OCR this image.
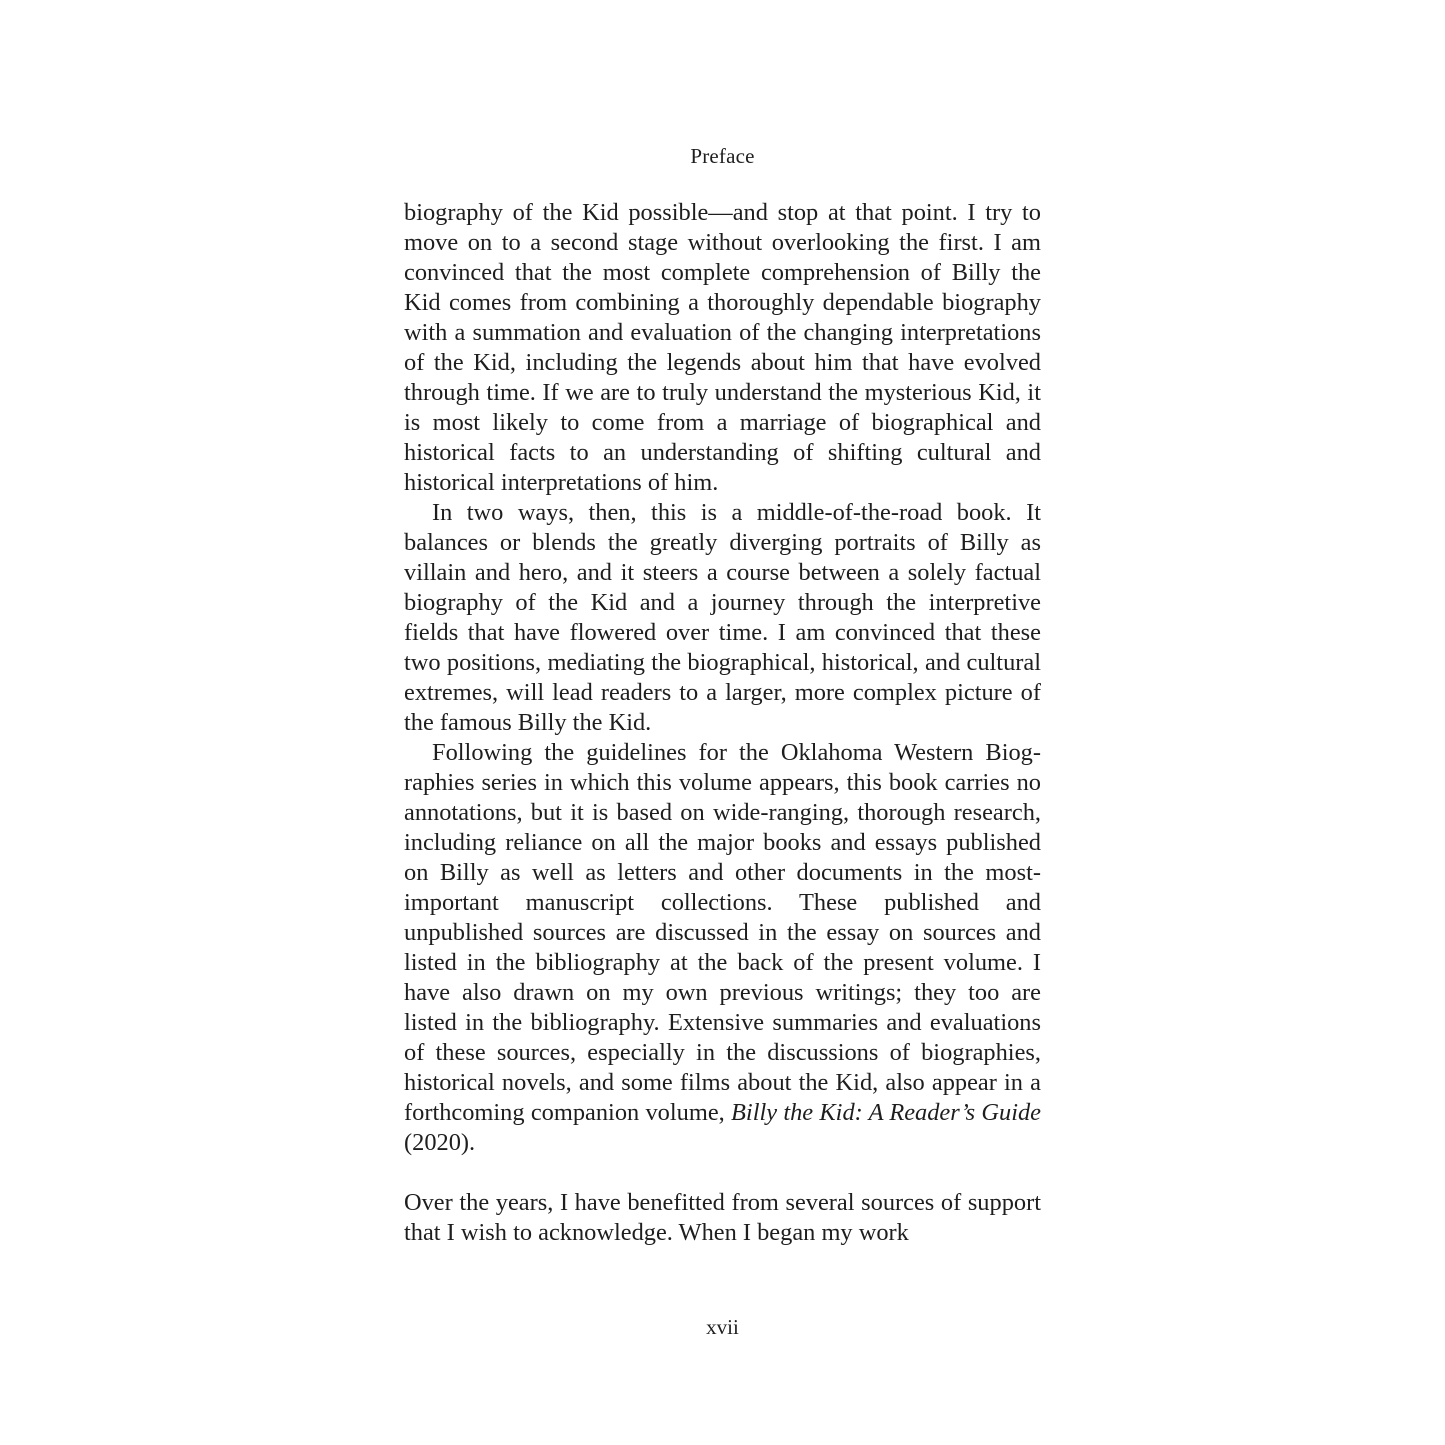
Preface

biography of the Kid possible—and stop at that point. I try to move on to a second stage without overlooking the first. I am convinced that the most complete comprehension of Billy the Kid comes from combining a thoroughly dependable biography with a summation and evaluation of the changing interpretations of the Kid, including the legends about him that have evolved through time. If we are to truly understand the mysterious Kid, it is most likely to come from a marriage of biographical and historical facts to an understanding of shifting cultural and historical interpretations of him.

In two ways, then, this is a middle-of-the-road book. It balances or blends the greatly diverging portraits of Billy as villain and hero, and it steers a course between a solely factual biography of the Kid and a journey through the interpretive fields that have flowered over time. I am convinced that these two positions, mediating the biographical, historical, and cultural extremes, will lead readers to a larger, more complex picture of the famous Billy the Kid.

Following the guidelines for the Oklahoma Western Biographies series in which this volume appears, this book carries no annotations, but it is based on wide-ranging, thorough research, including reliance on all the major books and essays published on Billy as well as letters and other documents in the most-important manuscript collections. These published and unpublished sources are discussed in the essay on sources and listed in the bibliography at the back of the present volume. I have also drawn on my own previous writings; they too are listed in the bibliography. Extensive summaries and evaluations of these sources, especially in the discussions of biographies, historical novels, and some films about the Kid, also appear in a forthcoming companion volume, Billy the Kid: A Reader’s Guide (2020).

Over the years, I have benefitted from several sources of support that I wish to acknowledge. When I began my work

xvii
